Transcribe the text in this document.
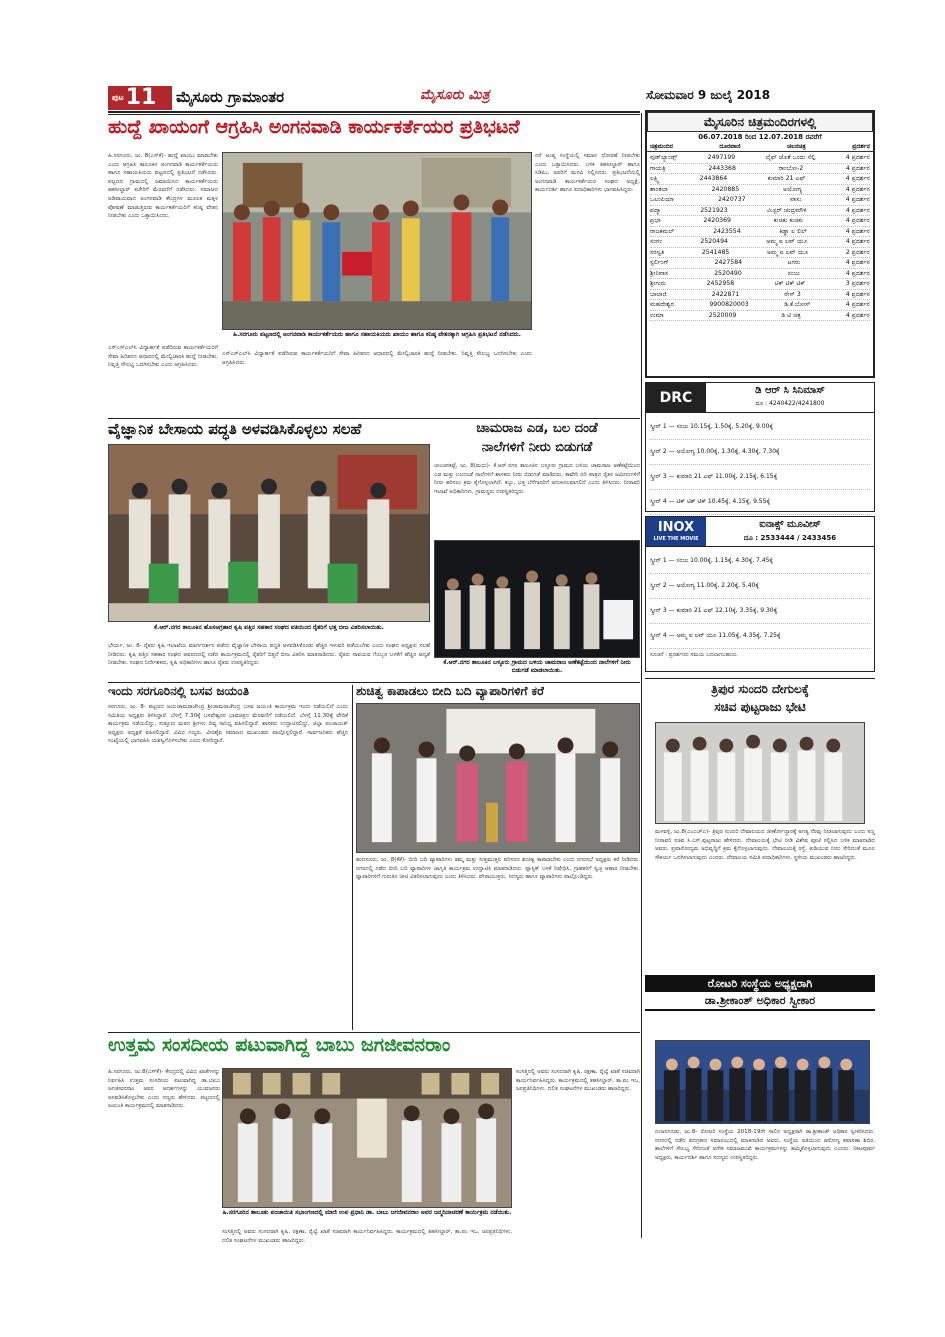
$^{ಪುಟ}$11	ಮೈಸೂರು ಗ್ರಾಮಾಂತರ	ಮೈಸೂರು ಮಿತ್ರ	ಸೋಮವಾರ 9 ಜುಲೈ 2018
ಹುದ್ದೆ ಖಾಯಂಗೆ ಆಗ್ರಹಿಸಿ ಅಂಗನವಾಡಿ ಕಾರ್ಯಕರ್ತೆಯರ ಪ್ರತಿಭಟನೆ
ಹಿ.ಸರಗೂರು, ಜು. 8(ಎಸ್‌ಕೆ)- ಹುದ್ದೆ ಖಾಯಂ ಮಾಡಬೇಕು ಎಂದು ಆಗ್ರಹಿಸಿ ತಾಲೂಕಿನ ಅಂಗನವಾಡಿ ಕಾರ್ಯಕರ್ತೆಯರು ಹಾಗೂ ಸಹಾಯಕಿಯರು ಪಟ್ಟಣದಲ್ಲಿ ಪ್ರತಿಭಟನೆ ನಡೆಸಿದರು. ಪಟ್ಟಣದ ಗ್ರಾಮದಲ್ಲಿ ಜಮಾಯಿಸಿದ ಕಾರ್ಯಕರ್ತೆಯರು ತಹಸೀಲ್ದಾರ್ ಕಚೇರಿಗೆ ಮೆರವಣಿಗೆ ನಡೆಸಿದರು. ಸಮಾಜದ ಅಡಿಪಾಯವಾದ ಅಂಗನವಾಡಿ ಕೇಂದ್ರಗಳ ಮೂಲಕ ಮಕ್ಕಳ ಪೋಷಣೆ ಮಾಡುತ್ತಿರುವ ಕಾರ್ಯಕರ್ತೆಯರಿಗೆ ಕನಿಷ್ಠ ವೇತನ ನೀಡಬೇಕು ಎಂದು ಒತ್ತಾಯಿಸಿದರು.
ನರೆ ಅಂತ್ಯ ಸಂಸ್ಥೆಯಲ್ಲಿ ಸಮಾನ ಧೋರಣೆ ನೀಡಬೇಕು ಎಂದು ಒತ್ತಾಯಿಸಿದರು. ಬಳಿಕ ತಹಸೀಲ್ದಾರ್ ಹಾಗೂ ಸಿಡಿಪಿಒ ಅವರಿಗೆ ಮನವಿ ಸಲ್ಲಿಸಿದರು. ಪ್ರತಿಭಟನೆಯಲ್ಲಿ ಅಂಗನವಾಡಿ ಕಾರ್ಯಕರ್ತೆಯರ ಸಂಘದ ಅಧ್ಯಕ್ಷೆ, ಕಾರ್ಯದರ್ಶಿ ಹಾಗೂ ಪದಾಧಿಕಾರಿಗಳು ಭಾಗವಹಿಸಿದ್ದರು.
ಹಿ.ಸರಗೂರು ಪಟ್ಟಣದಲ್ಲಿ ಅಂಗನವಾಡಿ ಕಾರ್ಯಕರ್ತೆಯರು ಹಾಗೂ ಸಹಾಯಕಿಯರು ಖಾಯಂ ಹಾಗೂ ಕನಿಷ್ಠ ವೇತನಕ್ಕಾಗಿ ಆಗ್ರಹಿಸಿ ಪ್ರತಿಭಟನೆ ನಡೆಸಿದರು.
ಎಸ್‌ಎಸ್‌ಎಲ್‌ಸಿ ವಿದ್ಯಾರ್ಹತೆ ಪಡೆದಿರುವ ಕಾರ್ಯಕರ್ತೆಯರಿಗೆ ಸೇವಾ ಹಿರಿತನದ ಆಧಾರದಲ್ಲಿ ಮೇಲ್ವಿಚಾರಕಿ ಹುದ್ದೆ ನೀಡಬೇಕು. ನಿವೃತ್ತಿ ಸೌಲಭ್ಯ ಒದಗಿಸಬೇಕು ಎಂದು ಆಗ್ರಹಿಸಿದರು.
ಎಸ್‌ಎಸ್‌ಎಲ್‌ಸಿ ವಿದ್ಯಾರ್ಹತೆ ಪಡೆದಿರುವ ಕಾರ್ಯಕರ್ತೆಯರಿಗೆ ಸೇವಾ ಹಿರಿತನದ ಆಧಾರದಲ್ಲಿ ಮೇಲ್ವಿಚಾರಕಿ ಹುದ್ದೆ ನೀಡಬೇಕು. ನಿವೃತ್ತಿ ಸೌಲಭ್ಯ ಒದಗಿಸಬೇಕು ಎಂದು ಆಗ್ರಹಿಸಿದರು.
ವೈಜ್ಞಾನಿಕ ಬೇಸಾಯ ಪದ್ಧತಿ ಅಳವಡಿಸಿಕೊಳ್ಳಲು ಸಲಹೆ
ಕೆ.ಆರ್.ನಗರ ತಾಲೂಕಿನ ಹೊಸಅಗ್ರಹಾರ ಕೃಷಿ ಪತ್ತಿನ ಸಹಕಾರ ಸಂಘದ ವತಿಯಿಂದ ರೈತರಿಗೆ ಭತ್ತ ಬೀಜ ವಿತರಿಸಲಾಯಿತು.
ಭೇರ್ಯ, ಜು. 8- ರೈತರು ಕೃಷಿ ಇಲಾಖೆಯ ಮಾರ್ಗದರ್ಶನ ಪಡೆದು ವೈಜ್ಞಾನಿಕ ಬೇಸಾಯ ಪದ್ಧತಿ ಅಳವಡಿಸಿಕೊಂಡು ಹೆಚ್ಚಿನ ಇಳುವರಿ ಪಡೆಯಬೇಕು ಎಂದು ಸಂಘದ ಅಧ್ಯಕ್ಷರು ಸಲಹೆ ನೀಡಿದರು. ಕೃಷಿ ಪತ್ತಿನ ಸಹಕಾರ ಸಂಘದ ಆವರಣದಲ್ಲಿ ನಡೆದ ಕಾರ್ಯಕ್ರಮದಲ್ಲಿ ರೈತರಿಗೆ ಬಿತ್ತನೆ ಬೀಜ ವಿತರಿಸಿ ಮಾತನಾಡಿದರು. ರೈತರು ಸಾವಯವ ಗೊಬ್ಬರ ಬಳಕೆಗೆ ಹೆಚ್ಚಿನ ಆದ್ಯತೆ ನೀಡಬೇಕು. ಸಂಘದ ನಿರ್ದೇಶಕರು, ಕೃಷಿ ಅಧಿಕಾರಿಗಳು ಹಾಗೂ ರೈತರು ಉಪಸ್ಥಿತರಿದ್ದರು.
ಚಾಮರಾಜ ಎಡ, ಬಲ ದಂಡೆ
ನಾಲೆಗಳಿಗೆ ನೀರು ಬಿಡುಗಡೆ
ಚುಂಚನಕಟ್ಟೆ, ಜು. 8(ಮಧು)- ಕೆ.ಆರ್.ನಗರ ತಾಲೂಕಿನ ಬಳ್ಳೂರು ಗ್ರಾಮದ ಬಳಿಯ ಚಾಮರಾಜ ಅಣೆಕಟ್ಟೆಯಿಂದ ಎಡ ಮತ್ತು ಬಲದಂಡೆ ನಾಲೆಗಳಿಗೆ ಶಾಸಕರು ನೀರು ಬಿಡುಗಡೆ ಮಾಡಿದರು. ಕಾವೇರಿ ನದಿ ಪಾತ್ರದ ರೈತರ ಜಮೀನುಗಳಿಗೆ ನೀರು ಹರಿಸಲು ಕ್ರಮ ಕೈಗೊಳ್ಳಲಾಗಿದೆ. ಕಬ್ಬು, ಭತ್ತ ಬೆಳೆಗಾರರಿಗೆ ಅನುಕೂಲವಾಗಲಿದೆ ಎಂದು ತಿಳಿಸಿದರು. ನೀರಾವರಿ ಇಲಾಖೆ ಅಧಿಕಾರಿಗಳು, ಗ್ರಾಮಸ್ಥರು ಉಪಸ್ಥಿತರಿದ್ದರು.
ಕೆ.ಆರ್.ನಗರ ತಾಲೂಕಿನ ಬಳ್ಳೂರು ಗ್ರಾಮದ ಬಳಿಯ ಚಾಮರಾಜ ಅಣೆಕಟ್ಟೆಯಿಂದ ನಾಲೆಗಳಿಗೆ ನೀರು ಬಿಡುಗಡೆ ಮಾಡಲಾಯಿತು.
ಇಂದು ಸರಗೂರಿನಲ್ಲಿ ಬಸವ ಜಯಂತಿ
ಸರಗೂರು, ಜು. 8- ಪಟ್ಟಣದ ಜಯಚಾಮರಾಜೇಂದ್ರ ಶ್ರೀಚಾಮರಾಜೇಂದ್ರ ಬಸವ ಜಯಂತಿ ಕಾರ್ಯಕ್ರಮ ಇಂದು ನಡೆಯಲಿದೆ ಎಂದು ಸಮಿತಿಯ ಅಧ್ಯಕ್ಷರು ತಿಳಿಸಿದ್ದಾರೆ. ಬೆಳಗ್ಗೆ 7.30ಕ್ಕೆ ಬಸವೇಶ್ವರರ ಭಾವಚಿತ್ರದ ಮೆರವಣಿಗೆ ನಡೆಯಲಿದೆ. ಬೆಳಗ್ಗೆ 11.30ಕ್ಕೆ ವೇದಿಕೆ ಕಾರ್ಯಕ್ರಮ ನಡೆಯಲಿದ್ದು, ಸುತ್ತೂರು ಮಠದ ಶ್ರೀಗಳು ದಿವ್ಯ ಸಾನಿಧ್ಯ ವಹಿಸಲಿದ್ದಾರೆ. ಶಾಸಕರು ಉದ್ಘಾಟಿಸಲಿದ್ದು, ಜಿಲ್ಲಾ ಪಂಚಾಯತ್ ಅಧ್ಯಕ್ಷರು ಅಧ್ಯಕ್ಷತೆ ವಹಿಸಲಿದ್ದಾರೆ. ವಿವಿಧ ಗಣ್ಯರು, ವೀರಶೈವ ಸಮಾಜದ ಮುಖಂಡರು ಪಾಲ್ಗೊಳ್ಳಲಿದ್ದಾರೆ. ಸಾರ್ವಜನಿಕರು ಹೆಚ್ಚಿನ ಸಂಖ್ಯೆಯಲ್ಲಿ ಭಾಗವಹಿಸಿ ಯಶಸ್ವಿಗೊಳಿಸಬೇಕು ಎಂದು ಕೋರಿದ್ದಾರೆ.
ಶುಚಿತ್ವ ಕಾಪಾಡಲು ಬೀದಿ ಬದಿ ವ್ಯಾಪಾರಿಗಳಿಗೆ ಕರೆ
ಹುಣಸೂರು, ಜು. 8(ಕೆಕೆ)- ಬೀದಿ ಬದಿ ವ್ಯಾಪಾರಿಗಳು ತಮ್ಮ ಮತ್ತು ಸುತ್ತಮುತ್ತಲ ಪರಿಸರದ ಶುಚಿತ್ವ ಕಾಪಾಡಬೇಕು ಎಂದು ನಗರಸಭೆ ಅಧ್ಯಕ್ಷರು ಕರೆ ನೀಡಿದರು. ನಗರದಲ್ಲಿ ನಡೆದ ಬೀದಿ ಬದಿ ವ್ಯಾಪಾರಿಗಳ ಜಾಗೃತಿ ಕಾರ್ಯಕ್ರಮ ಉದ್ಘಾಟಿಸಿ ಮಾತನಾಡಿದರು. ಪ್ಲಾಸ್ಟಿಕ್ ಬಳಕೆ ನಿಷೇಧಿಸಿ, ಗ್ರಾಹಕರಿಗೆ ಸ್ವಚ್ಛ ಆಹಾರ ನೀಡಬೇಕು. ವ್ಯಾಪಾರಿಗಳಿಗೆ ಗುರುತಿನ ಚೀಟಿ ವಿತರಿಸಲಾಗುವುದು ಎಂದು ತಿಳಿಸಿದರು. ಪೌರಾಯುಕ್ತರು, ಸದಸ್ಯರು ಹಾಗೂ ವ್ಯಾಪಾರಿಗಳು ಪಾಲ್ಗೊಂಡಿದ್ದರು.
ಉತ್ತಮ ಸಂಸದೀಯ ಪಟುವಾಗಿದ್ದ ಬಾಬು ಜಗಜೀವನರಾಂ
ಹಿ.ಸರಗೂರು, ಜು.8(ಎಸ್‌ಕೆ)- ಕೇಂದ್ರದಲ್ಲಿ ವಿವಿಧ ಖಾತೆಗಳನ್ನು ನಿರ್ವಹಿಸಿ ಉತ್ತಮ ಸಂಸದೀಯ ಪಟುವಾಗಿದ್ದ ಡಾ.ಬಾಬು ಜಗಜೀವನರಾಂ ಅವರ ಆದರ್ಶಗಳನ್ನು ಯುವಜನರು ಅಳವಡಿಸಿಕೊಳ್ಳಬೇಕು ಎಂದು ಗಣ್ಯರು ಹೇಳಿದರು. ಪಟ್ಟಣದಲ್ಲಿ ಜಯಂತಿ ಕಾರ್ಯಕ್ರಮದಲ್ಲಿ ಮಾತನಾಡಿದರು.
ಹಿ.ಸರಗೂರಿನ ತಾಲೂಕು ಪಂಚಾಯಿತಿ ಸಭಾಂಗಣದಲ್ಲಿ ಮಾಜಿ ಉಪ ಪ್ರಧಾನಿ ಡಾ. ಬಾಬು ಜಗಜೀವನರಾಂ ಅವರ ಜನ್ಮದಿನಾಚರಣೆ ಕಾರ್ಯಕ್ರಮ ನಡೆಯಿತು.
ಸಂಸತ್ತಿನಲ್ಲಿ ಅವರು ಸಂಸದರಾಗಿ ಕೃಷಿ, ರಕ್ಷಣಾ, ರೈಲ್ವೆ ಖಾತೆ ಸಚಿವರಾಗಿ ಕಾರ್ಯನಿರ್ವಹಿಸಿದ್ದರು. ಕಾರ್ಯಕ್ರಮದಲ್ಲಿ ತಹಸೀಲ್ದಾರ್, ತಾ.ಪಂ ಇಒ, ಜನಪ್ರತಿನಿಧಿಗಳು, ದಲಿತ ಸಂಘಟನೆಗಳ ಮುಖಂಡರು ಹಾಜರಿದ್ದರು.
ಸಂಸತ್ತಿನಲ್ಲಿ ಅವರು ಸಂಸದರಾಗಿ ಕೃಷಿ, ರಕ್ಷಣಾ, ರೈಲ್ವೆ ಖಾತೆ ಸಚಿವರಾಗಿ ಕಾರ್ಯನಿರ್ವಹಿಸಿದ್ದರು. ಕಾರ್ಯಕ್ರಮದಲ್ಲಿ ತಹಸೀಲ್ದಾರ್, ತಾ.ಪಂ ಇಒ, ಜನಪ್ರತಿನಿಧಿಗಳು, ದಲಿತ ಸಂಘಟನೆಗಳ ಮುಖಂಡರು ಹಾಜರಿದ್ದರು.
ಮೈಸೂರಿನ ಚಿತ್ರಮಂದಿರಗಳಲ್ಲಿ
06.07.2018 ರಿಂದ 12.07.2018 ರವರೆಗೆ
ಚಿತ್ರಮಂದಿರ	ದೂರವಾಣಿ	ಚಲನಚಿತ್ರ	ಪ್ರದರ್ಶನ
ವುಡ್‌ಲ್ಯಾಂಡ್ಸ್	2497199	ಲೈಫ್ ಜೊತೆ ಒಂದು ಸೆಲ್ಫಿ	4 ಪ್ರದರ್ಶನ
ಗಾಯತ್ರಿ	2443368	ರಾಂಬೋ-2	4 ಪ್ರದರ್ಶನ
ಲಕ್ಷ್ಮಿ	2443864	ಕುಮಾರಿ 21 ಎಫ್	4 ಪ್ರದರ್ಶನ
ಶಾಂತಲಾ	2420885	ಅಯೋಗ್ಯ	4 ಪ್ರದರ್ಶನ
ಒಲಂಪಿಯಾ	2420737	ವಾಸು	4 ಪ್ರದರ್ಶನ
ಪದ್ಮಾ	2521923	ಮಿಸ್ಟರ್ ಚಂದ್ರಮೌಳಿ	4 ಪ್ರದರ್ಶನ
ಪ್ರಭಾ	2420369	ಕುಚಿಕು ಕುಚಿಕು	4 ಪ್ರದರ್ಶನ
ರಾಜಕಮಲ್	2423554	ಕಿಡ್ಡಾ ಲ ಲಿಲ್	4 ಪ್ರದರ್ಶನ
ಸಂಗಂ	2520494	ಅಮ್ಮ ಐ ಲವ್ ಯೂ	4 ಪ್ರದರ್ಶನ
ಸರಸ್ವತಿ	2541485	ಅಮ್ಮ ಐ ಲವ್ ಯೂ	2 ಪ್ರದರ್ಶನ
ಸ್ಟರ್ಲಿಂಗ್	2427584	ಟಗರು	4 ಪ್ರದರ್ಶನ
ಶ್ರೀನಿವಾಸ	2520490	ಸಂಜು	4 ಪ್ರದರ್ಶನ
ಶ್ರೀಗುರು	2452958	ಟಿಕ್ ಟಿಕ್ ಟಿಕ್	3 ಪ್ರದರ್ಶನ
ಬಾಲಾಜಿ	2422871	ರೇಸ್ 3	4 ಪ್ರದರ್ಶನ
ಮಹದೇಶ್ವರ	9900820003	ಡಿ.ಕೆ.ಬೋಸ್	4 ಪ್ರದರ್ಶನ
ಉಮಾ	2520009	ಡಿ ಟಿ ಚಿತ್ರ	4 ಪ್ರದರ್ಶನ
DRC	ಡಿ ಆರ್ ಸಿ ಸಿನಿಮಾಸ್
ದೂ : 4240422/4241800
ಸ್ಕ್ರೀನ್ 1 — ಸಂಜು 10.15ಕ್ಕೆ, 1.50ಕ್ಕೆ, 5.20ಕ್ಕೆ, 9.00ಕ್ಕೆ
ಸ್ಕ್ರೀನ್ 2 — ಅಯೋಗ್ಯ 10.00ಕ್ಕೆ, 1.30ಕ್ಕೆ, 4.30ಕ್ಕೆ, 7.30ಕ್ಕೆ
ಸ್ಕ್ರೀನ್ 3 — ಕುಮಾರಿ 21 ಎಫ್ 11.00ಕ್ಕೆ, 2.15ಕ್ಕೆ, 6.15ಕ್ಕೆ
ಸ್ಕ್ರೀನ್ 4 — ಟಿಕ್ ಟಿಕ್ ಟಿಕ್ 10.45ಕ್ಕೆ, 4.15ಕ್ಕೆ, 9.55ಕ್ಕೆ
INOX
LIVE THE MOVIE
ಐನಾಕ್ಸ್ ಮೂವೀಸ್
ದೂ : 2533444 / 2433456
ಸ್ಕ್ರೀನ್ 1 — ಸಂಜು 10.00ಕ್ಕೆ, 1.15ಕ್ಕೆ, 4.30ಕ್ಕೆ, 7.45ಕ್ಕೆ
ಸ್ಕ್ರೀನ್ 2 — ಅಯೋಗ್ಯ 11.00ಕ್ಕೆ, 2.20ಕ್ಕೆ, 5.40ಕ್ಕೆ
ಸ್ಕ್ರೀನ್ 3 — ಕುಮಾರಿ 21 ಎಫ್ 12.10ಕ್ಕೆ, 3.35ಕ್ಕೆ, 9.30ಕ್ಕೆ
ಸ್ಕ್ರೀನ್ 4 — ಅಮ್ಮ ಐ ಲವ್ ಯೂ 11.05ಕ್ಕೆ, 4.35ಕ್ಕೆ, 7.25ಕ್ಕೆ
ಸೂಚನೆ : ಪ್ರದರ್ಶನದ ಸಮಯ ಬದಲಾಗಬಹುದು.
ತ್ರಿಪುರ ಸುಂದರಿ ದೇಗುಲಕ್ಕೆ
ಸಚಿವ ಪುಟ್ಟರಾಜು ಭೇಟಿ
ಮಳವಳ್ಳಿ, ಜು.8(ಎಂಎಚ್‌ಎ)- ತ್ರಿಪುರ ಸುಂದರಿ ದೇವಾಲಯದ ಜೀರ್ಣೋದ್ಧಾರಕ್ಕೆ ಅಗತ್ಯ ನೆರವು ನೀಡಲಾಗುವುದು ಎಂದು ಸಣ್ಣ ನೀರಾವರಿ ಸಚಿವ ಸಿ.ಎಸ್.ಪುಟ್ಟರಾಜು ಹೇಳಿದರು. ದೇವಾಲಯಕ್ಕೆ ಭೇಟಿ ನೀಡಿ ವಿಶೇಷ ಪೂಜೆ ಸಲ್ಲಿಸಿದ ಬಳಿಕ ಮಾತನಾಡಿದ ಅವರು, ಪ್ರವಾಸೋದ್ಯಮ ಅಭಿವೃದ್ಧಿಗೆ ಕ್ರಮ ಕೈಗೊಳ್ಳಲಾಗುವುದು. ದೇವಾಲಯಕ್ಕೆ ರಸ್ತೆ, ಕುಡಿಯುವ ನೀರು ಸೇರಿದಂತೆ ಮೂಲ ಸೌಕರ್ಯ ಒದಗಿಸಲಾಗುವುದು ಎಂದರು. ದೇವಾಲಯ ಸಮಿತಿ ಪದಾಧಿಕಾರಿಗಳು, ಸ್ಥಳೀಯ ಮುಖಂಡರು ಹಾಜರಿದ್ದರು.
ರೋಟರಿ ಸಂಸ್ಥೆಯ ಅಧ್ಯಕ್ಷರಾಗಿ
ಡಾ.ಶ್ರೀಕಾಂತ್ ಅಧಿಕಾರ ಸ್ವೀಕಾರ
ನಂಜನಗೂಡು, ಜು.8- ರೋಟರಿ ಸಂಸ್ಥೆಯ 2018-19ನೇ ಸಾಲಿನ ಅಧ್ಯಕ್ಷರಾಗಿ ಡಾ.ಶ್ರೀಕಾಂತ್ ಅಧಿಕಾರ ಸ್ವೀಕರಿಸಿದರು. ನಗರದಲ್ಲಿ ನಡೆದ ಪದಗ್ರಹಣ ಸಮಾರಂಭದಲ್ಲಿ ಮಾತನಾಡಿದ ಅವರು, ಸಂಸ್ಥೆಯ ವತಿಯಿಂದ ಆರೋಗ್ಯ ತಪಾಸಣಾ ಶಿಬಿರ, ಶಾಲೆಗಳಿಗೆ ಸೌಲಭ್ಯ ಸೇರಿದಂತೆ ಅನೇಕ ಸಮಾಜಮುಖಿ ಕಾರ್ಯಕ್ರಮಗಳನ್ನು ಹಮ್ಮಿಕೊಳ್ಳಲಾಗುವುದು ಎಂದರು. ನಿಕಟಪೂರ್ವ ಅಧ್ಯಕ್ಷರು, ಕಾರ್ಯದರ್ಶಿ ಹಾಗೂ ಸದಸ್ಯರು ಉಪಸ್ಥಿತರಿದ್ದರು.
